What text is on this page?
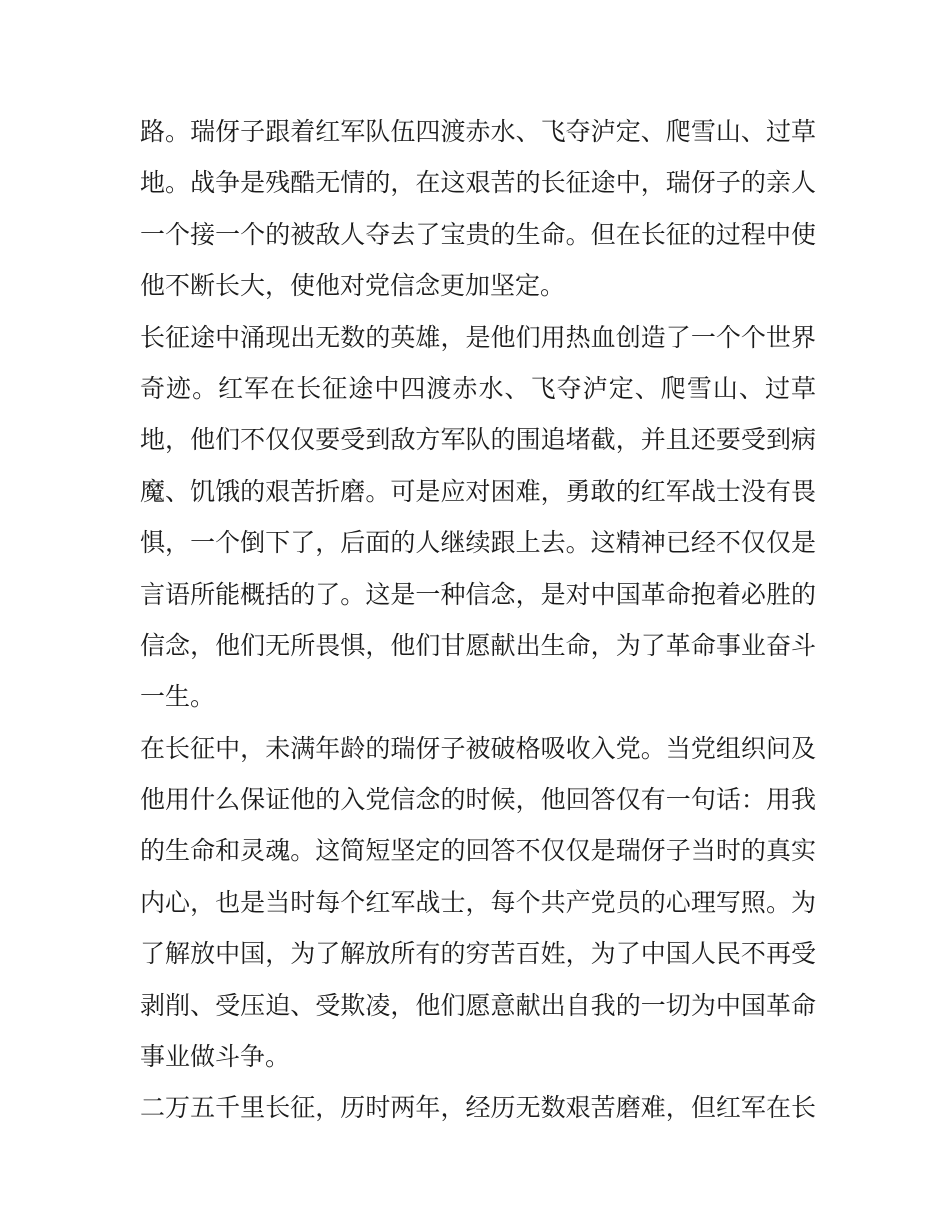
路。瑞伢子跟着红军队伍四渡赤水、飞夺泸定、爬雪山、过草
地。战争是残酷无情的，在这艰苦的长征途中，瑞伢子的亲人
一个接一个的被敌人夺去了宝贵的生命。但在长征的过程中使
他不断长大，使他对党信念更加坚定。
长征途中涌现出无数的英雄，是他们用热血创造了一个个世界
奇迹。红军在长征途中四渡赤水、飞夺泸定、爬雪山、过草
地，他们不仅仅要受到敌方军队的围追堵截，并且还要受到病
魔、饥饿的艰苦折磨。可是应对困难，勇敢的红军战士没有畏
惧，一个倒下了，后面的人继续跟上去。这精神已经不仅仅是
言语所能概括的了。这是一种信念，是对中国革命抱着必胜的
信念，他们无所畏惧，他们甘愿献出生命，为了革命事业奋斗
一生。
在长征中，未满年龄的瑞伢子被破格吸收入党。当党组织问及
他用什么保证他的入党信念的时候，他回答仅有一句话：用我
的生命和灵魂。这简短坚定的回答不仅仅是瑞伢子当时的真实
内心，也是当时每个红军战士，每个共产党员的心理写照。为
了解放中国，为了解放所有的穷苦百姓，为了中国人民不再受
剥削、受压迫、受欺凌，他们愿意献出自我的一切为中国革命
事业做斗争。
二万五千里长征，历时两年，经历无数艰苦磨难，但红军在长
